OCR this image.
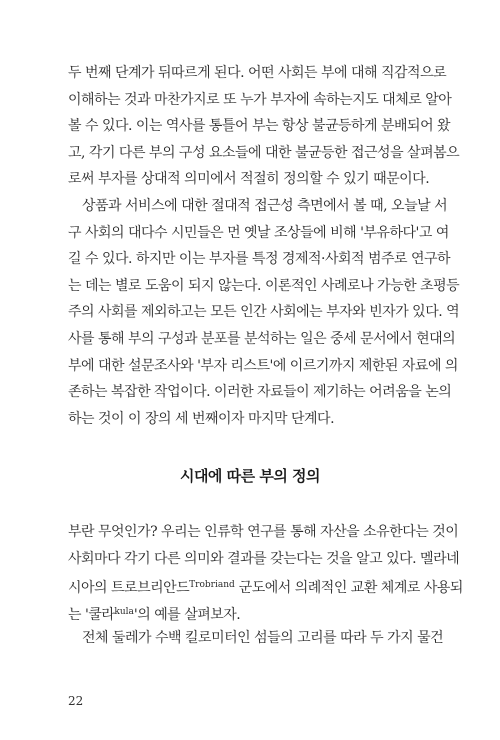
두 번째 단계가 뒤따르게 된다. 어떤 사회든 부에 대해 직감적으로
이해하는 것과 마찬가지로 또 누가 부자에 속하는지도 대체로 알아
볼 수 있다. 이는 역사를 통틀어 부는 항상 불균등하게 분배되어 왔
고, 각기 다른 부의 구성 요소들에 대한 불균등한 접근성을 살펴봄으
로써 부자를 상대적 의미에서 적절히 정의할 수 있기 때문이다.
상품과 서비스에 대한 절대적 접근성 측면에서 볼 때, 오늘날 서
구 사회의 대다수 시민들은 먼 옛날 조상들에 비해 '부유하다'고 여
길 수 있다. 하지만 이는 부자를 특정 경제적·사회적 범주로 연구하
는 데는 별로 도움이 되지 않는다. 이론적인 사례로나 가능한 초평등
주의 사회를 제외하고는 모든 인간 사회에는 부자와 빈자가 있다. 역
사를 통해 부의 구성과 분포를 분석하는 일은 중세 문서에서 현대의
부에 대한 설문조사와 '부자 리스트'에 이르기까지 제한된 자료에 의
존하는 복잡한 작업이다. 이러한 자료들이 제기하는 어려움을 논의
하는 것이 이 장의 세 번째이자 마지막 단계다.
시대에 따른 부의 정의
부란 무엇인가? 우리는 인류학 연구를 통해 자산을 소유한다는 것이
사회마다 각기 다른 의미와 결과를 갖는다는 것을 알고 있다. 멜라네
시아의 트로브리안드$^{Trobriand}$ 군도에서 의례적인 교환 체계로 사용되
는 '쿨라$^{kula}$'의 예를 살펴보자.
전체 둘레가 수백 킬로미터인 섬들의 고리를 따라 두 가지 물건
22
